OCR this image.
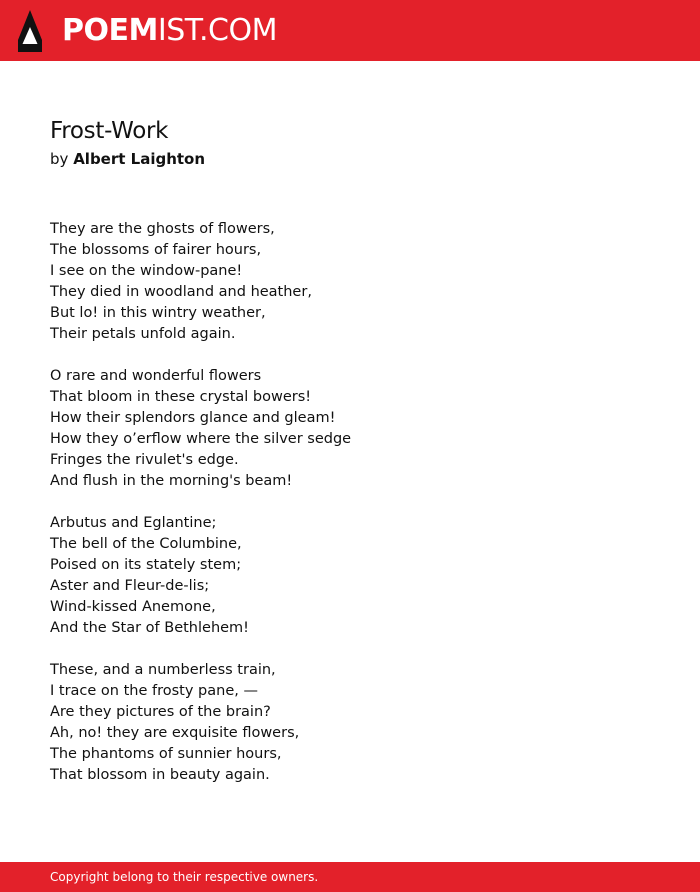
POEMIST.COM
Frost-Work
by Albert Laighton
They are the ghosts of flowers,
The blossoms of fairer hours,
I see on the window-pane!
They died in woodland and heather,
But lo! in this wintry weather,
Their petals unfold again.
O rare and wonderful flowers
That bloom in these crystal bowers!
How their splendors glance and gleam!
How they o’erflow where the silver sedge
Fringes the rivulet's edge.
And flush in the morning's beam!
Arbutus and Eglantine;
The bell of the Columbine,
Poised on its stately stem;
Aster and Fleur-de-lis;
Wind-kissed Anemone,
And the Star of Bethlehem!
These, and a numberless train,
I trace on the frosty pane, —
Are they pictures of the brain?
Ah, no! they are exquisite flowers,
The phantoms of sunnier hours,
That blossom in beauty again.
Copyright belong to their respective owners.
